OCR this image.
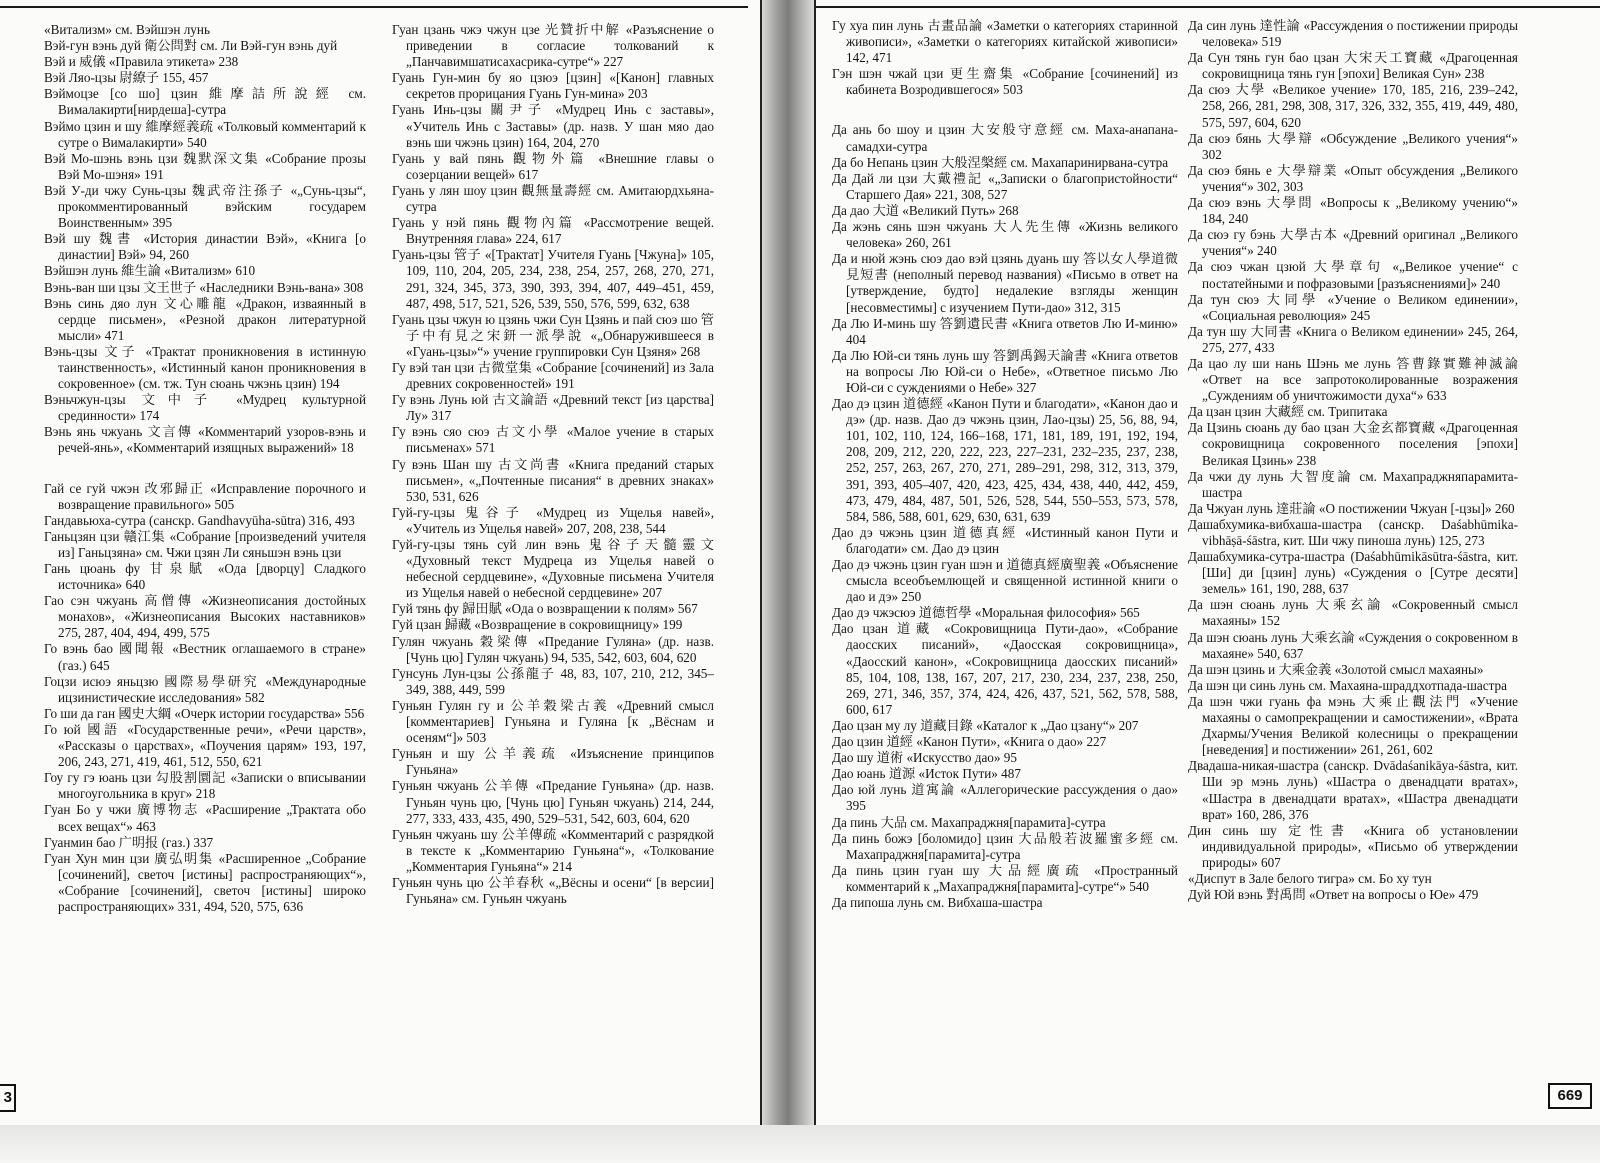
«Витализм» см. Вэйшэн лунь
Вэй-гун вэнь дуй 衛公問對 см. Ли Вэй-гун вэнь дуй
Вэй и 威儀 «Правила этикета» 238
Вэй Ляо-цзы 尉繚子 155, 457
Вэймоцзе [со шо] цзин 維摩詰所說經 см. Вималакирти[нирдеша]-сутра
Вэймо цзин и шу 維摩經義疏 «Толковый комментарий к сутре о Вималакирти» 540
Вэй Мо-шэнь вэнь цзи 魏默深文集 «Собрание прозы Вэй Мо-шэня» 191
Вэй У-ди чжу Сунь-цзы 魏武帝注孫子 «„Сунь-цзы“, прокомментированный вэйским государем Воинственным» 395
Вэй шу 魏書 «История династии Вэй», «Книга [о династии] Вэй» 94, 260
Вэйшэн лунь 維生論 «Витализм» 610
Вэнь-ван ши цзы 文王世子 «Наследники Вэнь-вана» 308
Вэнь синь дяо лун 文心雕龍 «Дракон, изваянный в сердце письмен», «Резной дракон литературной мысли» 471
Вэнь-цзы 文子 «Трактат проникновения в истинную таинственность», «Истинный канон проникновения в сокровенное» (см. тж. Тун сюань чжэнь цзин) 194
Вэньчжун-цзы 文中子 «Мудрец культурной срединности» 174
Вэнь янь чжуань 文言傳 «Комментарий узоров-вэнь и речей-янь», «Комментарий изящных выражений» 18
Гай се гуй чжэн 改邪歸正 «Исправление порочного и возвращение правильного» 505
Гандавьюха-сутра (санскр. Gandhavyūha-sūtra) 316, 493
Ганьцзян цзи 贛江集 «Собрание [произведений учителя из] Ганьцзяна» см. Чжи цзян Ли сяньшэн вэнь цзи
Гань цюань фу 甘泉賦 «Ода [дворцу] Сладкого источника» 640
Гао сэн чжуань 高僧傳 «Жизнеописания достойных монахов», «Жизнеописания Высоких наставников» 275, 287, 404, 494, 499, 575
Го вэнь бао 國聞報 «Вестник оглашаемого в стране» (газ.) 645
Гоцзи исюэ яньцзю 國際易學研究 «Международные ицзинистические исследования» 582
Го ши да ган 國史大綱 «Очерк истории государства» 556
Го юй 國語 «Государственные речи», «Речи царств», «Рассказы о царствах», «Поучения царям» 193, 197, 206, 243, 271, 419, 461, 512, 550, 621
Гоу гу гэ юань цзи 勾股割圜記 «Записки о вписывании многоугольника в круг» 218
Гуан Бо у чжи 廣博物志 «Расширение „Трактата обо всех вещах“» 463
Гуанмин бао 广明报 (газ.) 337
Гуан Хун мин цзи 廣弘明集 «Расширенное „Собрание [сочинений], светоч [истины] распространяющих“», «Собрание [сочинений], светоч [истины] широко распространяющих» 331, 494, 520, 575, 636
Гуан цзань чжэ чжун цзе 光贊折中解 «Разъяснение о приведении в согласие толкований к „Панчавимшатисахасрика-сутре“» 227
Гуань Гун-мин бу яо цзюэ [цзин] «[Канон] главных секретов прорицания Гуань Гун-мина» 203
Гуань Инь-цзы 關尹子 «Мудрец Инь с заставы», «Учитель Инь с Заставы» (др. назв. У шан мяо дао вэнь ши чжэнь цзин) 164, 204, 270
Гуань у вай пянь 觀物外篇 «Внешние главы о созерцании вещей» 617
Гуань у лян шоу цзин 觀無量壽經 см. Амитаюрдхьяна-сутра
Гуань у нэй пянь 觀物內篇 «Рассмотрение вещей. Внутренняя глава» 224, 617
Гуань-цзы 管子 «[Трактат] Учителя Гуань [Чжуна]» 105, 109, 110, 204, 205, 234, 238, 254, 257, 268, 270, 271, 291, 324, 345, 373, 390, 393, 394, 407, 449–451, 459, 487, 498, 517, 521, 526, 539, 550, 576, 599, 632, 638
Гуань цзы чжун ю цзянь чжи Сун Цзянь и пай сюэ шо 管子中有見之宋鈃一派學說 «„Обнаружившееся в «Гуань-цзы»“» учение группировки Сун Цзяня» 268
Гу вэй тан цзи 古微堂集 «Собрание [сочинений] из Зала древних сокровенностей» 191
Гу вэнь Лунь юй 古文論語 «Древний текст [из царства] Лу» 317
Гу вэнь сяо сюэ 古文小學 «Малое учение в старых письменах» 571
Гу вэнь Шан шу 古文尚書 «Книга преданий старых письмен», «„Почтенные писания“ в древних знаках» 530, 531, 626
Гуй-гу-цзы 鬼谷子 «Мудрец из Ущелья навей», «Учитель из Ущелья навей» 207, 208, 238, 544
Гуй-гу-цзы тянь суй лин вэнь 鬼谷子天髓靈文 «Духовный текст Мудреца из Ущелья навей о небесной сердцевине», «Духовные письмена Учителя из Ущелья навей о небесной сердцевине» 207
Гуй тянь фу 歸田賦 «Ода о возвращении к полям» 567
Гуй цзан 歸藏 «Возвращение в сокровищницу» 199
Гулян чжуань 穀梁傳 «Предание Гуляна» (др. назв. [Чунь цю] Гулян чжуань) 94, 535, 542, 603, 604, 620
Гунсунь Лун-цзы 公孫龍子 48, 83, 107, 210, 212, 345–349, 388, 449, 599
Гуньян Гулян гу и 公羊穀梁古義 «Древний смысл [комментариев] Гуньяна и Гуляна [к „Вёснам и осеням“]» 503
Гуньян и шу 公羊義疏 «Изъяснение принципов Гуньяна»
Гуньян чжуань 公羊傳 «Предание Гуньяна» (др. назв. Гуньян чунь цю, [Чунь цю] Гуньян чжуань) 214, 244, 277, 333, 433, 435, 490, 529–531, 542, 603, 604, 620
Гуньян чжуань шу 公羊傳疏 «Комментарий с разрядкой в тексте к „Комментарию Гуньяна“», «Толкование „Комментария Гуньяна“» 214
Гуньян чунь цю 公羊春秋 «„Вёсны и осени“ [в версии] Гуньяна» см. Гуньян чжуань
3
Гу хуа пин лунь 古畫品論 «Заметки о категориях старинной живописи», «Заметки о категориях китайской живописи» 142, 471
Гэн шэн чжай цзи 更生齋集 «Собрание [сочинений] из кабинета Возродившегося» 503
Да ань бо шоу и цзин 大安般守意經 см. Маха-анапана-самадхи-сутра
Да бо Непань цзин 大般涅槃經 см. Махапаринирвана-сутра
Да Дай ли цзи 大戴禮記 «„Записки о благопристойности“ Старшего Дая» 221, 308, 527
Да дао 大道 «Великий Путь» 268
Да жэнь сянь шэн чжуань 大人先生傳 «Жизнь великого человека» 260, 261
Да и нюй жэнь сюэ дао вэй цзянь дуань шу 答以女人學道微見短書 (неполный перевод названия) «Письмо в ответ на [утверждение, будто] недалекие взгляды женщин [несовместимы] с изучением Пути-дао» 312, 315
Да Лю И-минь шу 答劉遺民書 «Книга ответов Лю И-миню» 404
Да Лю Юй-си тянь лунь шу 答劉禹錫天論書 «Книга ответов на вопросы Лю Юй-си о Небе», «Ответное письмо Лю Юй-си с суждениями о Небе» 327
Дао дэ цзин 道德經 «Канон Пути и благодати», «Канон дао и дэ» (др. назв. Дао дэ чжэнь цзин, Лао-цзы) 25, 56, 88, 94, 101, 102, 110, 124, 166–168, 171, 181, 189, 191, 192, 194, 208, 209, 212, 220, 222, 223, 227–231, 232–235, 237, 238, 252, 257, 263, 267, 270, 271, 289–291, 298, 312, 313, 379, 391, 393, 405–407, 420, 423, 425, 434, 438, 440, 442, 459, 473, 479, 484, 487, 501, 526, 528, 544, 550–553, 573, 578, 584, 586, 588, 601, 629, 630, 631, 639
Дао дэ чжэнь цзин 道德真經 «Истинный канон Пути и благодати» см. Дао дэ цзин
Дао дэ чжэнь цзин гуан шэн и 道德真經廣聖義 «Объяснение смысла всеобъемлющей и священной истинной книги о дао и дэ» 250
Дао дэ чжэсюэ 道德哲學 «Моральная философия» 565
Дао цзан 道藏 «Сокровищница Пути-дао», «Собрание даосских писаний», «Даосская сокровищница», «Даосский канон», «Сокровищница даосских писаний» 85, 104, 108, 138, 167, 207, 217, 230, 234, 237, 238, 250, 269, 271, 346, 357, 374, 424, 426, 437, 521, 562, 578, 588, 600, 617
Дао цзан му лу 道藏目錄 «Каталог к „Дао цзану“» 207
Дао цзин 道經 «Канон Пути», «Книга о дао» 227
Дао шу 道術 «Искусство дао» 95
Дао юань 道源 «Исток Пути» 487
Дао юй лунь 道寓論 «Аллегорические рассуждения о дао» 395
Да пинь 大品 см. Махапраджня[парамита]-сутра
Да пинь божэ [боломидо] цзин 大品般若波羅蜜多經 см. Махапраджня[парамита]-сутра
Да пинь цзин гуан шу 大品經廣疏 «Пространный комментарий к „Махапраджня[парамита]-сутре“» 540
Да пипоша лунь см. Вибхаша-шастра
Да син лунь 達性論 «Рассуждения о постижении природы человека» 519
Да Сун тянь гун бао цзан 大宋天工寶藏 «Драгоценная сокровищница тянь гун [эпохи] Великая Сун» 238
Да сюэ 大學 «Великое учение» 170, 185, 216, 239–242, 258, 266, 281, 298, 308, 317, 326, 332, 355, 419, 449, 480, 575, 597, 604, 620
Да сюэ бянь 大學辯 «Обсуждение „Великого учения“» 302
Да сюэ бянь е 大學辯業 «Опыт обсуждения „Великого учения“» 302, 303
Да сюэ вэнь 大學問 «Вопросы к „Великому учению“» 184, 240
Да сюэ гу бэнь 大學古本 «Древний оригинал „Великого учения“» 240
Да сюэ чжан цзюй 大學章句 «„Великое учение“ с постатейными и пофразовыми [разъяснениями]» 240
Да тун сюэ 大同學 «Учение о Великом единении», «Социальная революция» 245
Да тун шу 大同書 «Книга о Великом единении» 245, 264, 275, 277, 433
Да цао лу ши нань Шэнь ме лунь 答曹錄實難神滅論 «Ответ на все запротоколированные возражения „Суждениям об уничтожимости духа“» 633
Да цзан цзин 大藏經 см. Трипитака
Да Цзинь сюань ду бао цзан 大金玄都寶藏 «Драгоценная сокровищница сокровенного поселения [эпохи] Великая Цзинь» 238
Да чжи ду лунь 大智度論 см. Махапраджняпарамита-шастра
Да Чжуан лунь 達莊論 «О постижении Чжуан [-цзы]» 260
Дашабхумика-вибхаша-шастра (санскр. Daśabhūmika-vibhāṣā-śāstra, кит. Ши чжу пиноша лунь) 125, 273
Дашабхумика-сутра-шастра (Daśabhūmikāsūtra-śāstra, кит. [Ши] ди [цзин] лунь) «Суждения о [Сутре десяти] земель» 161, 190, 288, 637
Да шэн сюань лунь 大乘玄論 «Сокровенный смысл махаяны» 152
Да шэн сюань лунь 大乘玄論 «Суждения о сокровенном в махаяне» 540, 637
Да шэн цзинь и 大乘金義 «Золотой смысл махаяны»
Да шэн ци синь лунь см. Махаяна-шраддхотпада-шастра
Да шэн чжи гуань фа мэнь 大乘止觀法門 «Учение махаяны о самопрекращении и самостижении», «Врата Дхармы/Учения Великой колесницы о прекращении [неведения] и постижении» 261, 261, 602
Двадаша-никая-шастра (санскр. Dvādaśanikāya-śāstra, кит. Ши эр мэнь лунь) «Шастра о двенадцати вратах», «Шастра в двенадцати вратах», «Шастра двенадцати врат» 160, 286, 376
Дин синь шу 定性書 «Книга об установлении индивидуальной природы», «Письмо об утверждении природы» 607
«Диспут в Зале белого тигра» см. Бо ху тун
Дуй Юй вэнь 對禹問 «Ответ на вопросы о Юе» 479
669
